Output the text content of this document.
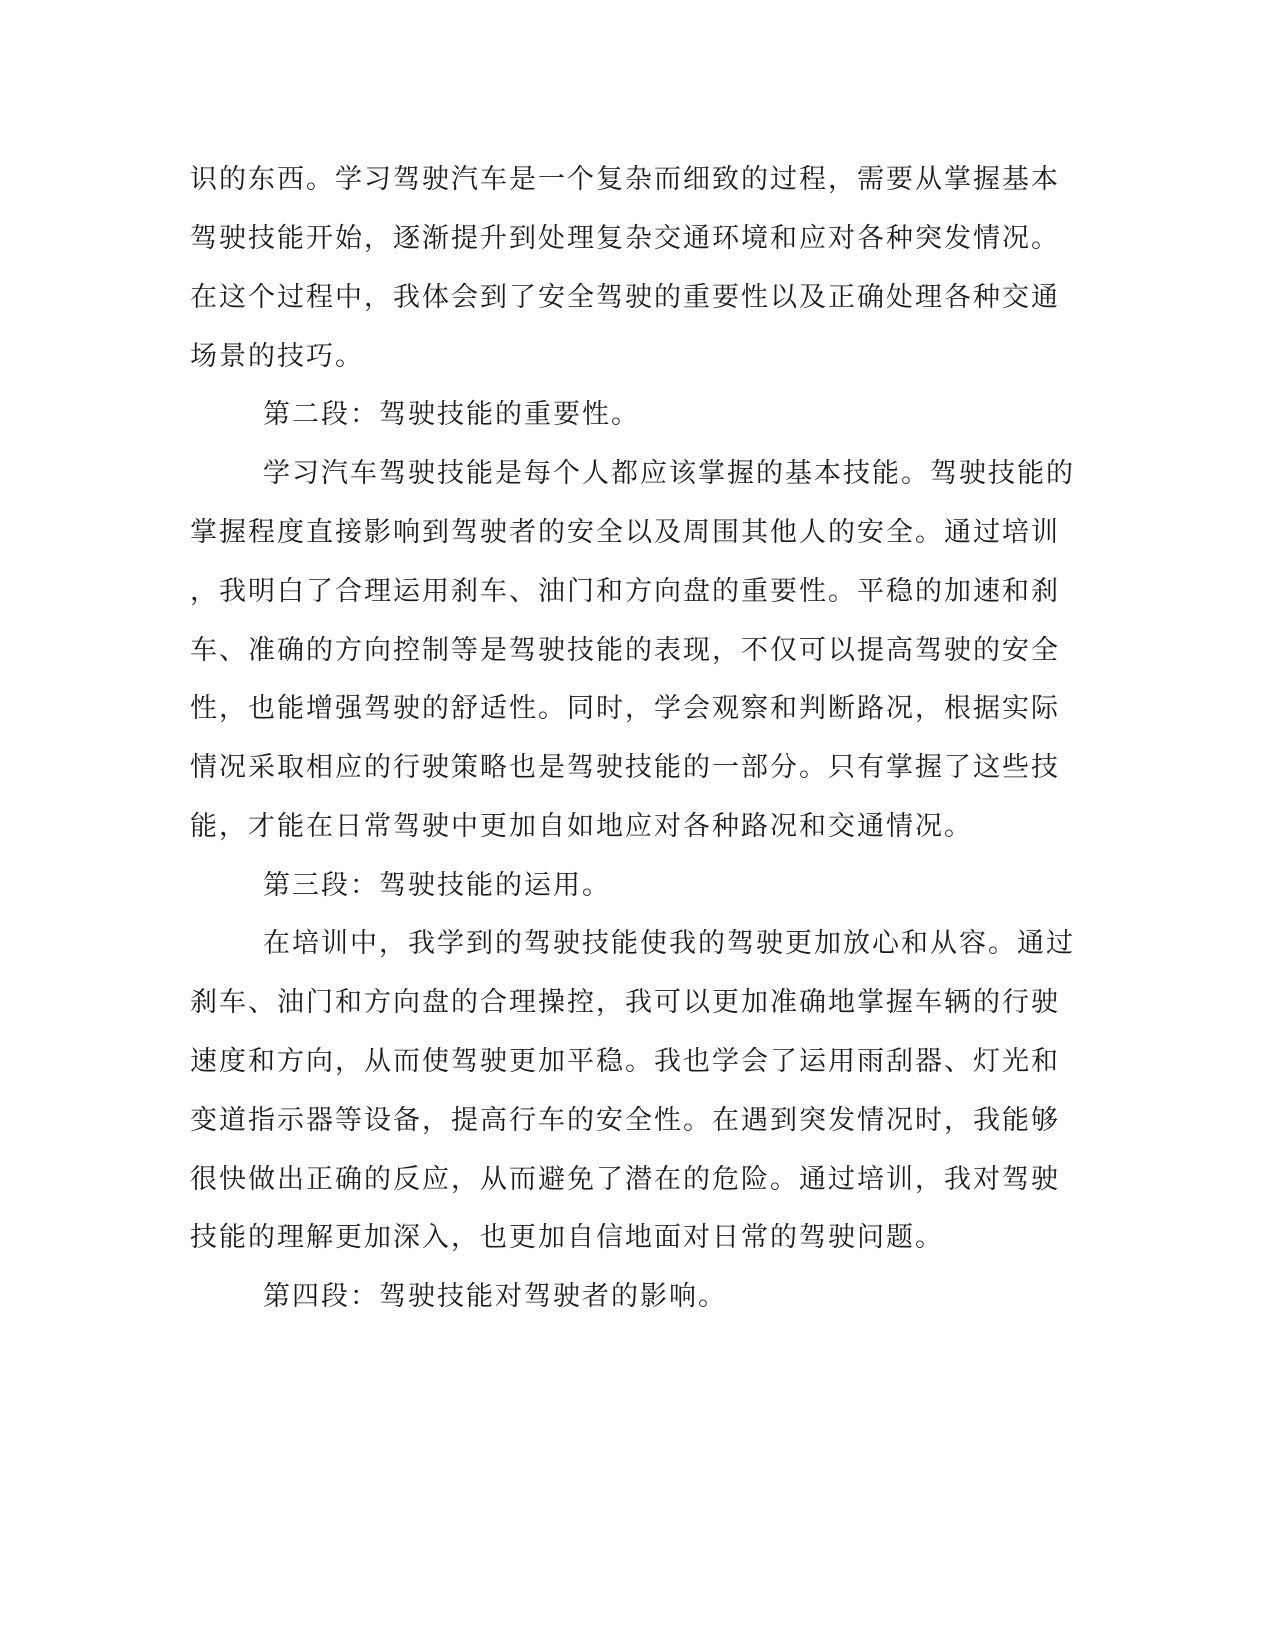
识的东西。学习驾驶汽车是一个复杂而细致的过程，需要从掌握基本

驾驶技能开始，逐渐提升到处理复杂交通环境和应对各种突发情况。

在这个过程中，我体会到了安全驾驶的重要性以及正确处理各种交通

场景的技巧。

第二段：驾驶技能的重要性。

学习汽车驾驶技能是每个人都应该掌握的基本技能。驾驶技能的

掌握程度直接影响到驾驶者的安全以及周围其他人的安全。通过培训

，我明白了合理运用刹车、油门和方向盘的重要性。平稳的加速和刹

车、准确的方向控制等是驾驶技能的表现，不仅可以提高驾驶的安全

性，也能增强驾驶的舒适性。同时，学会观察和判断路况，根据实际

情况采取相应的行驶策略也是驾驶技能的一部分。只有掌握了这些技

能，才能在日常驾驶中更加自如地应对各种路况和交通情况。

第三段：驾驶技能的运用。

在培训中，我学到的驾驶技能使我的驾驶更加放心和从容。通过

刹车、油门和方向盘的合理操控，我可以更加准确地掌握车辆的行驶

速度和方向，从而使驾驶更加平稳。我也学会了运用雨刮器、灯光和

变道指示器等设备，提高行车的安全性。在遇到突发情况时，我能够

很快做出正确的反应，从而避免了潜在的危险。通过培训，我对驾驶

技能的理解更加深入，也更加自信地面对日常的驾驶问题。

第四段：驾驶技能对驾驶者的影响。
